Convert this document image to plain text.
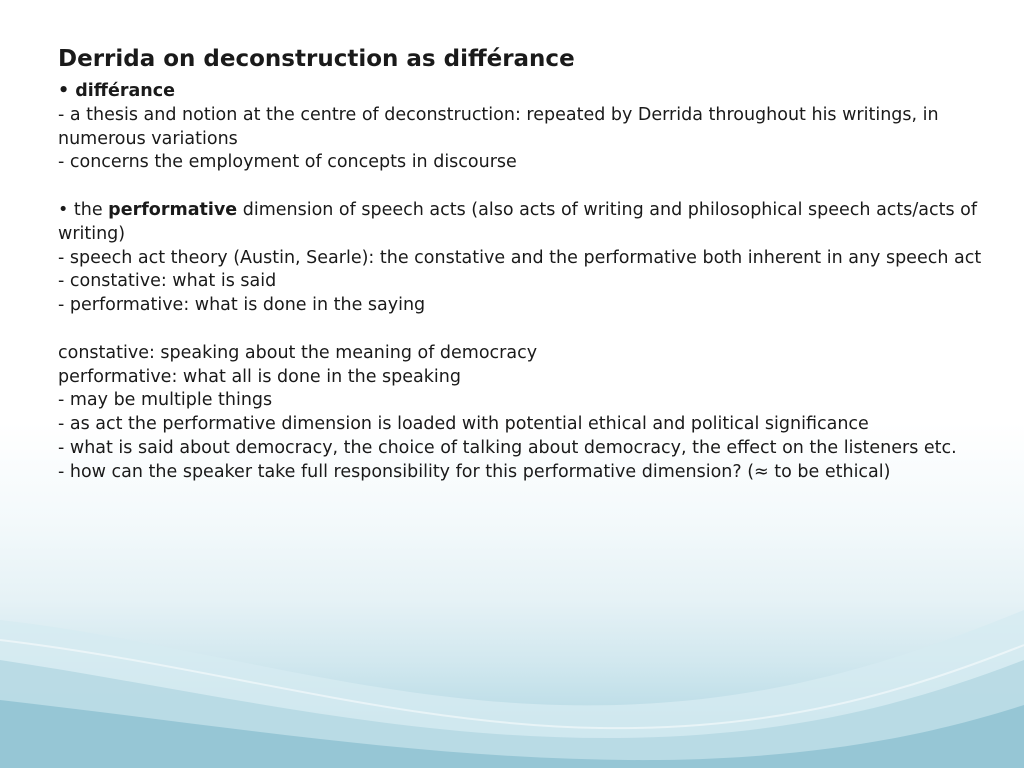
Derrida on deconstruction as différance
• différance
- a thesis and notion at the centre of deconstruction: repeated by Derrida throughout his writings, in numerous variations
- concerns the employment of concepts in discourse
• the performative dimension of speech acts (also acts of writing and philosophical speech acts/acts of writing)
- speech act theory (Austin, Searle): the constative and the performative both inherent in any speech act
- constative: what is said
- performative: what is done in the saying
constative: speaking about the meaning of democracy
performative: what all is done in the speaking
- may be multiple things
- as act the performative dimension is loaded with potential ethical and political significance
- what is said about democracy, the choice of talking about democracy, the effect on the listeners etc.
- how can the speaker take full responsibility for this performative dimension? (≈ to be ethical)
